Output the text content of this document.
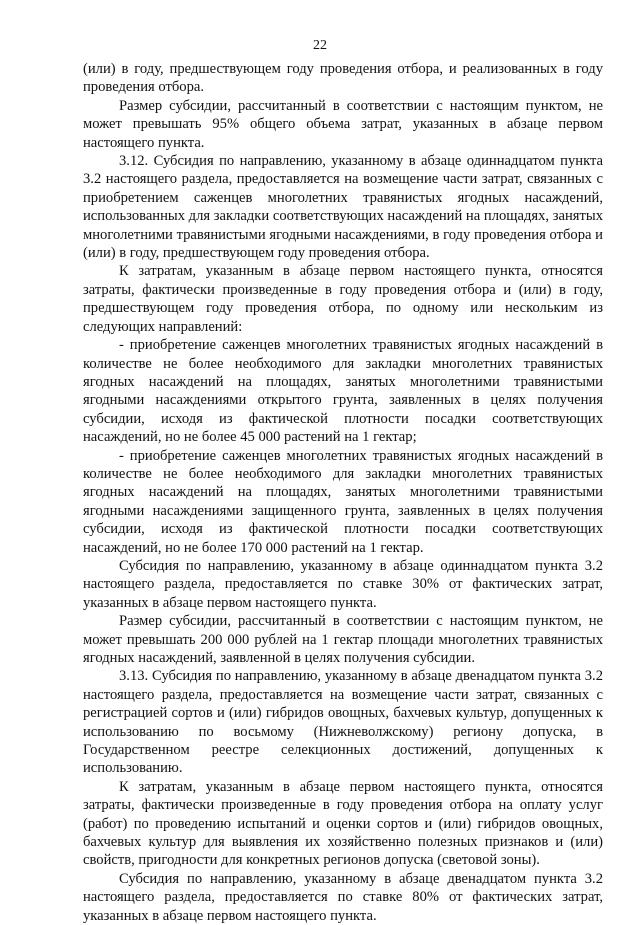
22

(или) в году, предшествующем году проведения отбора, и реализованных в году проведения отбора.

Размер субсидии, рассчитанный в соответствии с настоящим пунктом, не может превышать 95% общего объема затрат, указанных в абзаце первом настоящего пункта.

3.12. Субсидия по направлению, указанному в абзаце одиннадцатом пункта 3.2 настоящего раздела, предоставляется на возмещение части затрат, связанных с приобретением саженцев многолетних травянистых ягодных насаждений, использованных для закладки соответствующих насаждений на площадях, занятых многолетними травянистыми ягодными насаждениями, в году проведения отбора и (или) в году, предшествующем году проведения отбора.

К затратам, указанным в абзаце первом настоящего пункта, относятся затраты, фактически произведенные в году проведения отбора и (или) в году, предшествующем году проведения отбора, по одному или нескольким из следующих направлений:

- приобретение саженцев многолетних травянистых ягодных насаждений в количестве не более необходимого для закладки многолетних травянистых ягодных насаждений на площадях, занятых многолетними травянистыми ягодными насаждениями открытого грунта, заявленных в целях получения субсидии, исходя из фактической плотности посадки соответствующих насаждений, но не более 45 000 растений на 1 гектар;

- приобретение саженцев многолетних травянистых ягодных насаждений в количестве не более необходимого для закладки многолетних травянистых ягодных насаждений на площадях, занятых многолетними травянистыми ягодными насаждениями защищенного грунта, заявленных в целях получения субсидии, исходя из фактической плотности посадки соответствующих насаждений, но не более 170 000 растений на 1 гектар.

Субсидия по направлению, указанному в абзаце одиннадцатом пункта 3.2 настоящего раздела, предоставляется по ставке 30% от фактических затрат, указанных в абзаце первом настоящего пункта.

Размер субсидии, рассчитанный в соответствии с настоящим пунктом, не может превышать 200 000 рублей на 1 гектар площади многолетних травянистых ягодных насаждений, заявленной в целях получения субсидии.

3.13. Субсидия по направлению, указанному в абзаце двенадцатом пункта 3.2 настоящего раздела, предоставляется на возмещение части затрат, связанных с регистрацией сортов и (или) гибридов овощных, бахчевых культур, допущенных к использованию по восьмому (Нижневолжскому) региону допуска, в Государственном реестре селекционных достижений, допущенных к использованию.

К затратам, указанным в абзаце первом настоящего пункта, относятся затраты, фактически произведенные в году проведения отбора на оплату услуг (работ) по проведению испытаний и оценки сортов и (или) гибридов овощных, бахчевых культур для выявления их хозяйственно полезных признаков и (или) свойств, пригодности для конкретных регионов допуска (световой зоны).

Субсидия по направлению, указанному в абзаце двенадцатом пункта 3.2 настоящего раздела, предоставляется по ставке 80% от фактических затрат, указанных в абзаце первом настоящего пункта.
